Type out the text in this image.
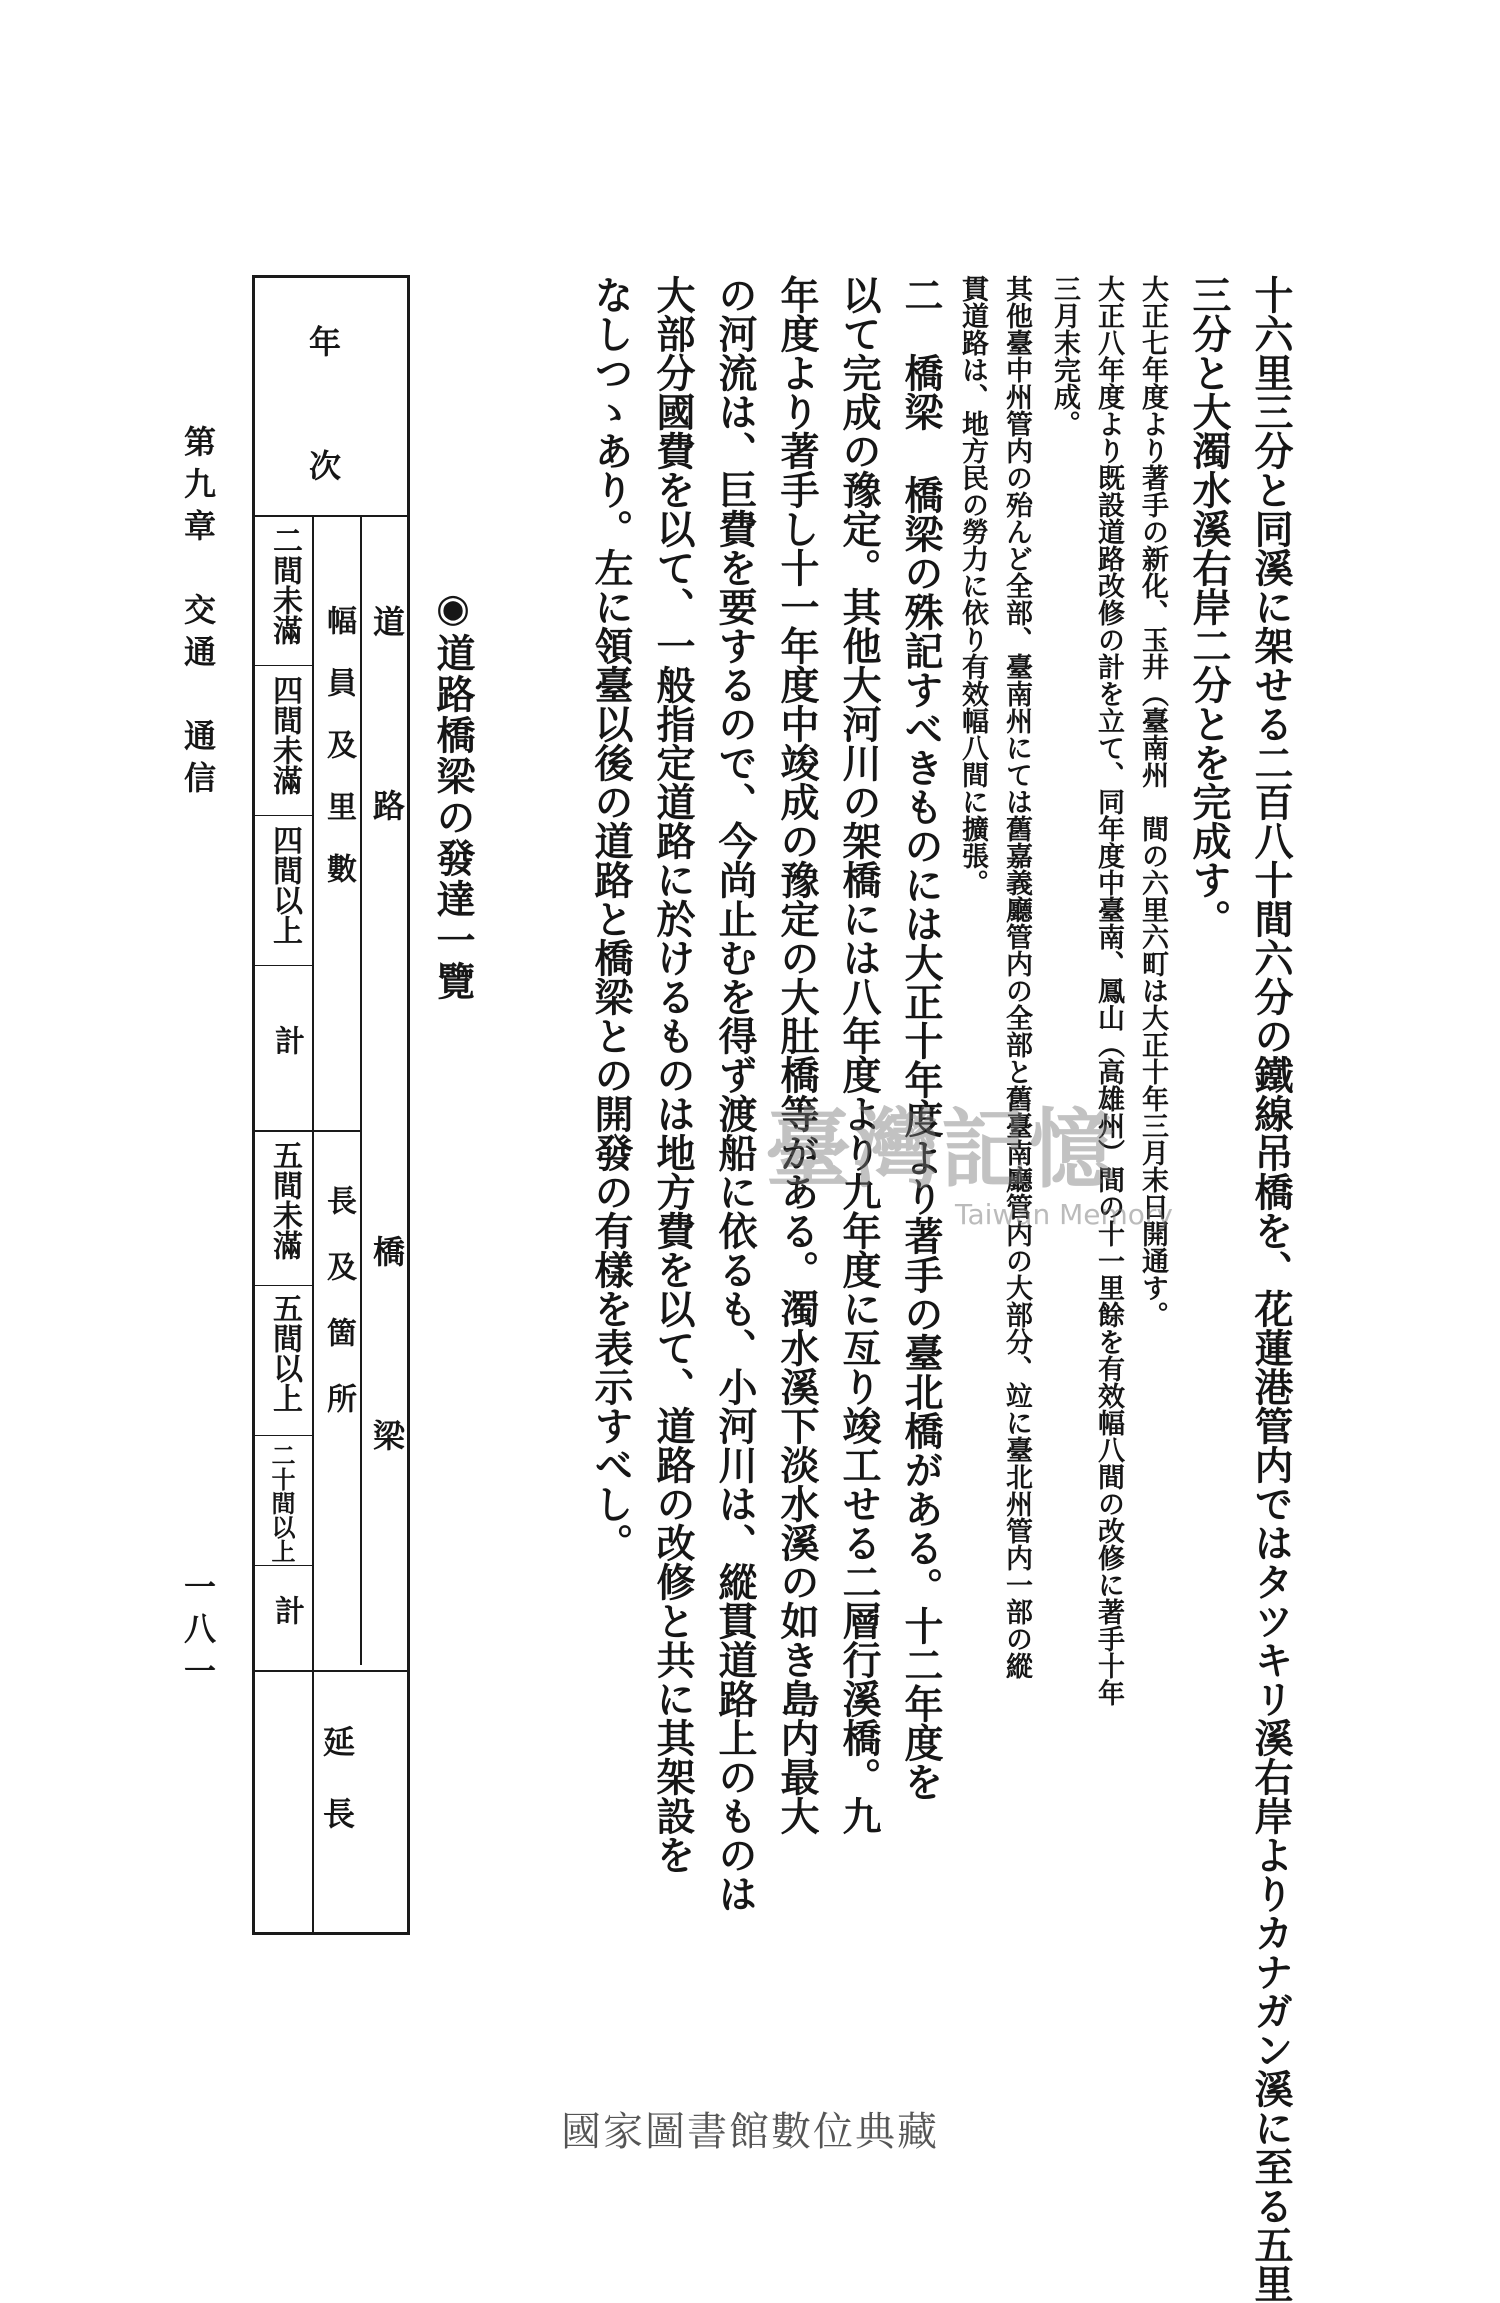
十六里三分と同溪に架せる二百八十間六分の鐵線吊橋を、花蓮港管内ではタツキリ溪右岸よりカナガン溪に至る五里
三分と大濁水溪右岸二分とを完成す。
大正七年度より著手の新化、玉井（臺南州　間の六里六町は大正十年三月末日開通す。
大正八年度より既設道路改修の計を立て、同年度中臺南、鳳山（高雄州）間の十一里餘を有效幅八間の改修に著手十年
三月末完成。
其他臺中州管内の殆んど全部、臺南州にては舊嘉義廳管内の全部と舊臺南廳管内の大部分、竝に臺北州管内一部の縱
貫道路は、地方民の勞力に依り有效幅八間に擴張。
二　橋梁
橋梁の殊記すべきものには大正十年度より著手の臺北橋がある。十二年度を
以て完成の豫定。其他大河川の架橋には八年度より九年度に亙り竣工せる二層行溪橋。九
年度より著手し十一年度中竣成の豫定の大肚橋等がある。濁水溪下淡水溪の如き島内最大
の河流は、巨費を要するので、今尚止むを得ず渡船に依るも、小河川は、縱貫道路上のものは
大部分國費を以て、一般指定道路に於けるものは地方費を以て、道路の改修と共に其架設を
なしつゝあり。左に領臺以後の道路と橋梁との開發の有樣を表示すべし。
◉道路橋梁の發達一覽
年　次
道　路
幅員及里數
二間未滿
四間未滿
四間以上
計
橋　梁
長及箇所
五間未滿
五間以上
二十間以上
計
延長
第九章　交通　通信
一八一
臺灣記憶
Taiwan Memory
國家圖書館數位典藏
